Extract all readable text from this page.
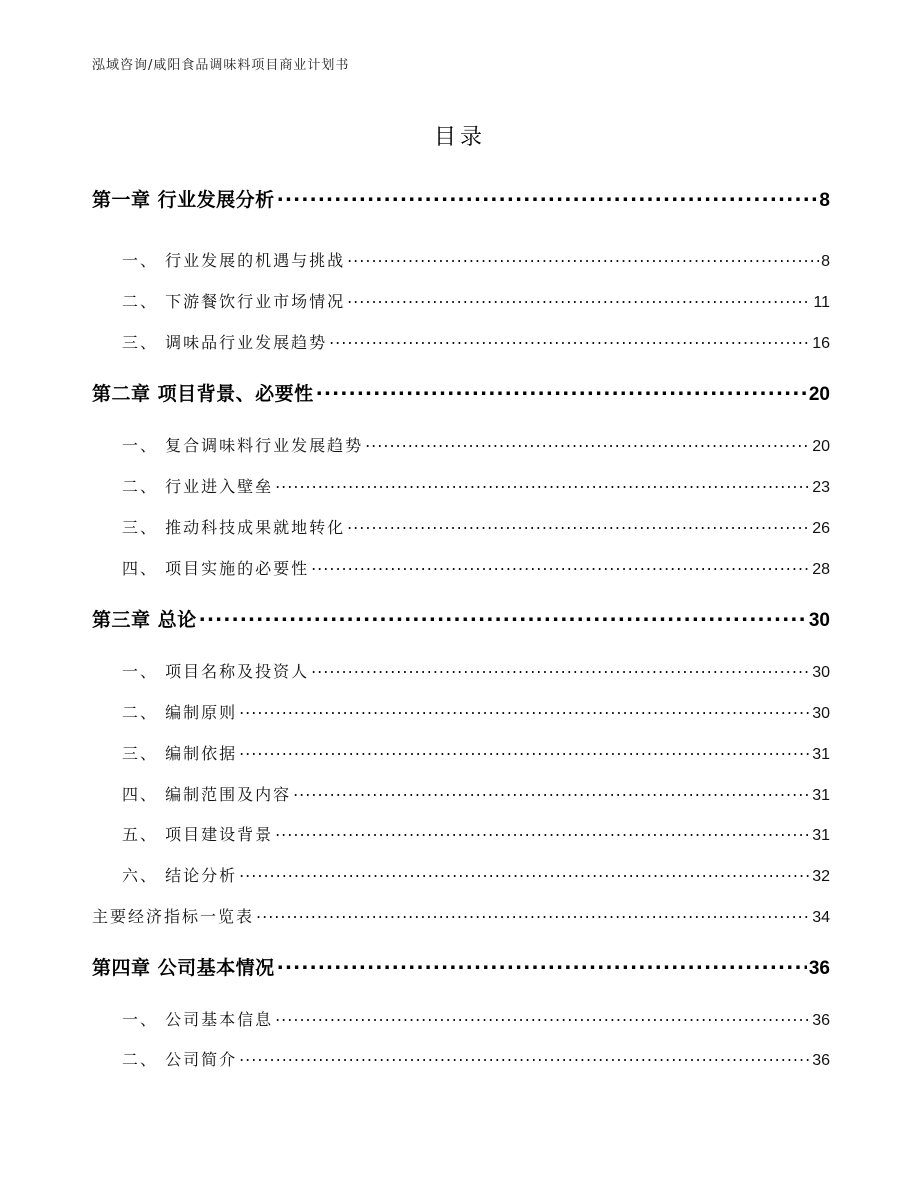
泓域咨询/咸阳食品调味料项目商业计划书
目录
第一章 行业发展分析 .....	8
一、 行业发展的机遇与挑战 .....	8
二、 下游餐饮行业市场情况 .....	11
三、 调味品行业发展趋势 .....	16
第二章 项目背景、必要性 .....	20
一、 复合调味料行业发展趋势 .....	20
二、 行业进入壁垒 .....	23
三、 推动科技成果就地转化 .....	26
四、 项目实施的必要性 .....	28
第三章 总论 .....	30
一、 项目名称及投资人 .....	30
二、 编制原则 .....	30
三、 编制依据 .....	31
四、 编制范围及内容 .....	31
五、 项目建设背景 .....	31
六、 结论分析 .....	32
主要经济指标一览表 .....	34
第四章 公司基本情况 .....	36
一、 公司基本信息 .....	36
二、 公司简介 .....	36
